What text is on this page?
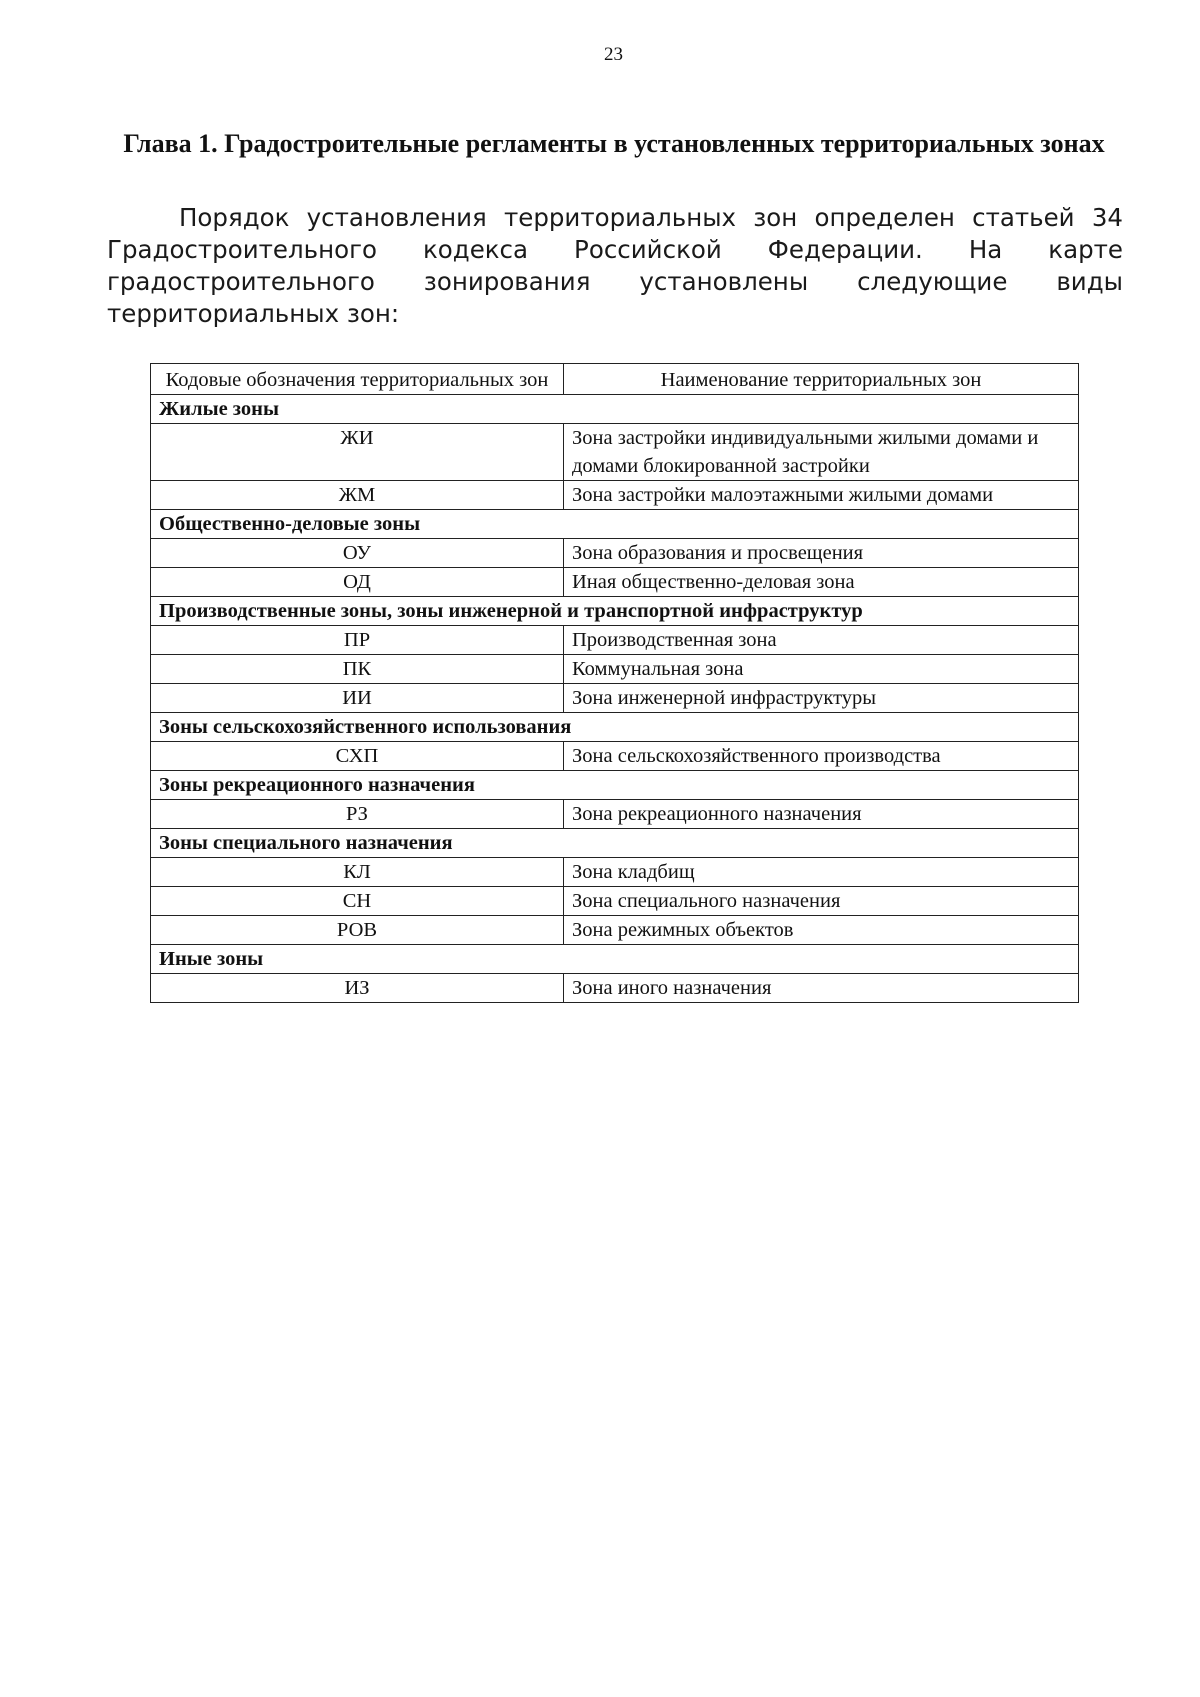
23
Глава 1. Градостроительные регламенты в установленных территориальных зонах

Порядок установления территориальных зон определен статьей 34 Градостроительного кодекса Российской Федерации. На карте градостроительного зонирования установлены следующие виды территориальных зон:

Кодовые обозначения территориальных зон	Наименование территориальных зон
Жилые зоны	
ЖИ	Зона застройки индивидуальными жилыми домами и домами блокированной застройки
ЖМ	Зона застройки малоэтажными жилыми домами
Общественно-деловые зоны	
ОУ	Зона образования и просвещения
ОД	Иная общественно-деловая зона
Производственные зоны, зоны инженерной и транспортной инфраструктур	
ПР	Производственная зона
ПК	Коммунальная зона
ИИ	Зона инженерной инфраструктуры
Зоны сельскохозяйственного использования	
СХП	Зона сельскохозяйственного производства
Зоны рекреационного назначения	
РЗ	Зона рекреационного назначения
Зоны специального назначения	
КЛ	Зона кладбищ
СН	Зона специального назначения
РОВ	Зона режимных объектов
Иные зоны	
ИЗ	Зона иного назначения
